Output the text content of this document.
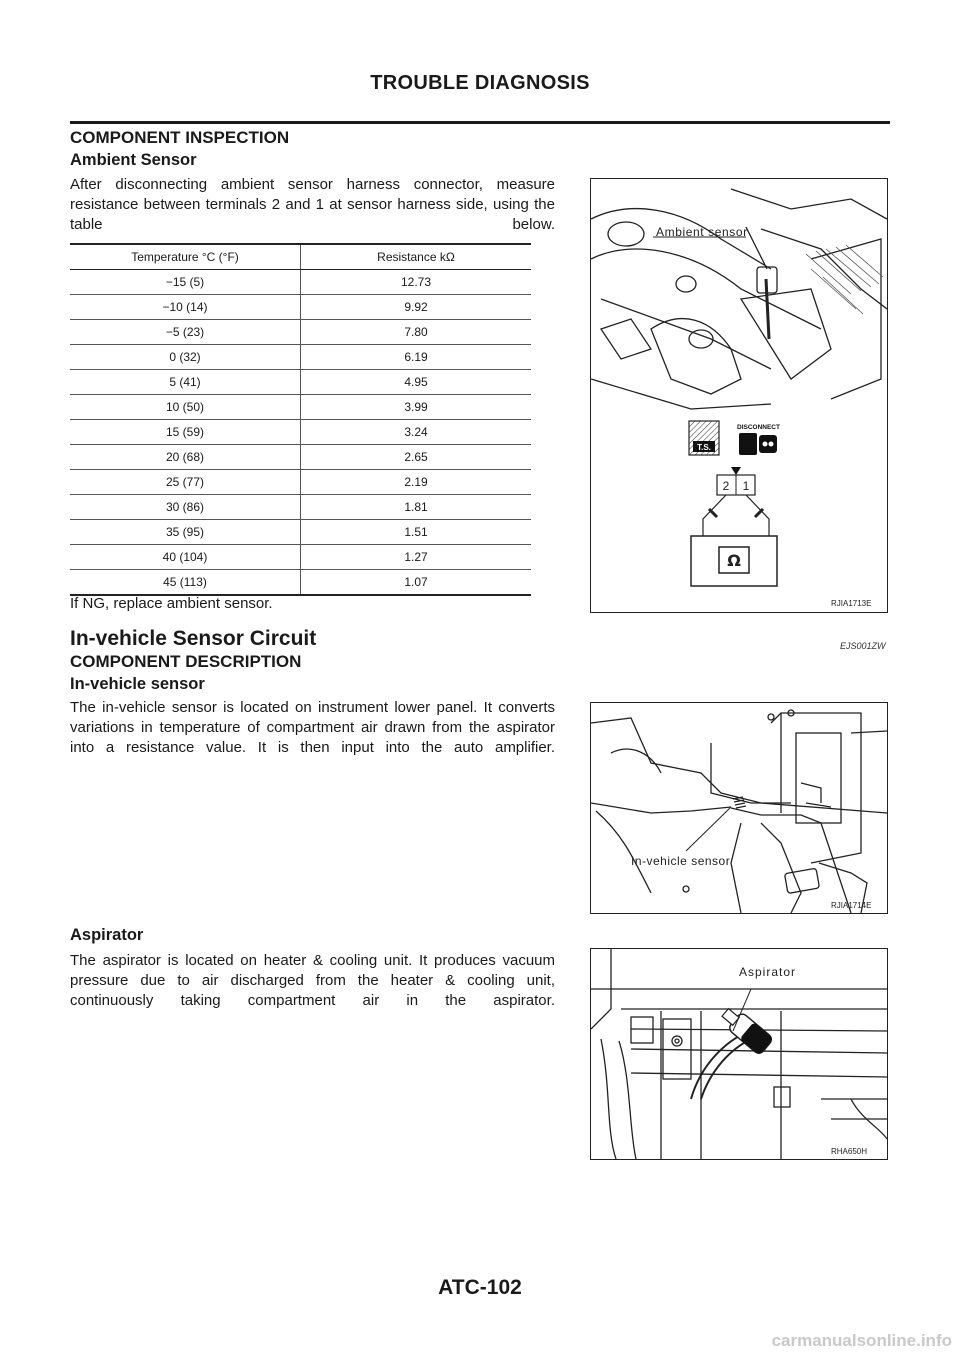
TROUBLE DIAGNOSIS
COMPONENT INSPECTION
Ambient Sensor
After disconnecting ambient sensor harness connector, measure resistance between terminals 2 and 1 at sensor harness side, using the table below.
Temperature °C (°F)	Resistance kΩ
−15 (5)	12.73
−10 (14)	9.92
−5 (23)	7.80
0 (32)	6.19
5 (41)	4.95
10 (50)	3.99
15 (59)	3.24
20 (68)	2.65
25 (77)	2.19
30 (86)	1.81
35 (95)	1.51
40 (104)	1.27
45 (113)	1.07
If NG, replace ambient sensor.
Ambient sensor
T.S.
DISCONNECT
2 1
Ω
RJIA1713E
In-vehicle Sensor Circuit	EJS001ZW
COMPONENT DESCRIPTION
In-vehicle sensor
The in-vehicle sensor is located on instrument lower panel. It converts variations in temperature of compartment air drawn from the aspirator into a resistance value. It is then input into the auto amplifier.
In-vehicle sensor
RJIA1714E
Aspirator
The aspirator is located on heater & cooling unit. It produces vacuum pressure due to air discharged from the heater & cooling unit, continuously taking compartment air in the aspirator.
Aspirator
RHA650H
ATC-102
carmanualsonline.info
